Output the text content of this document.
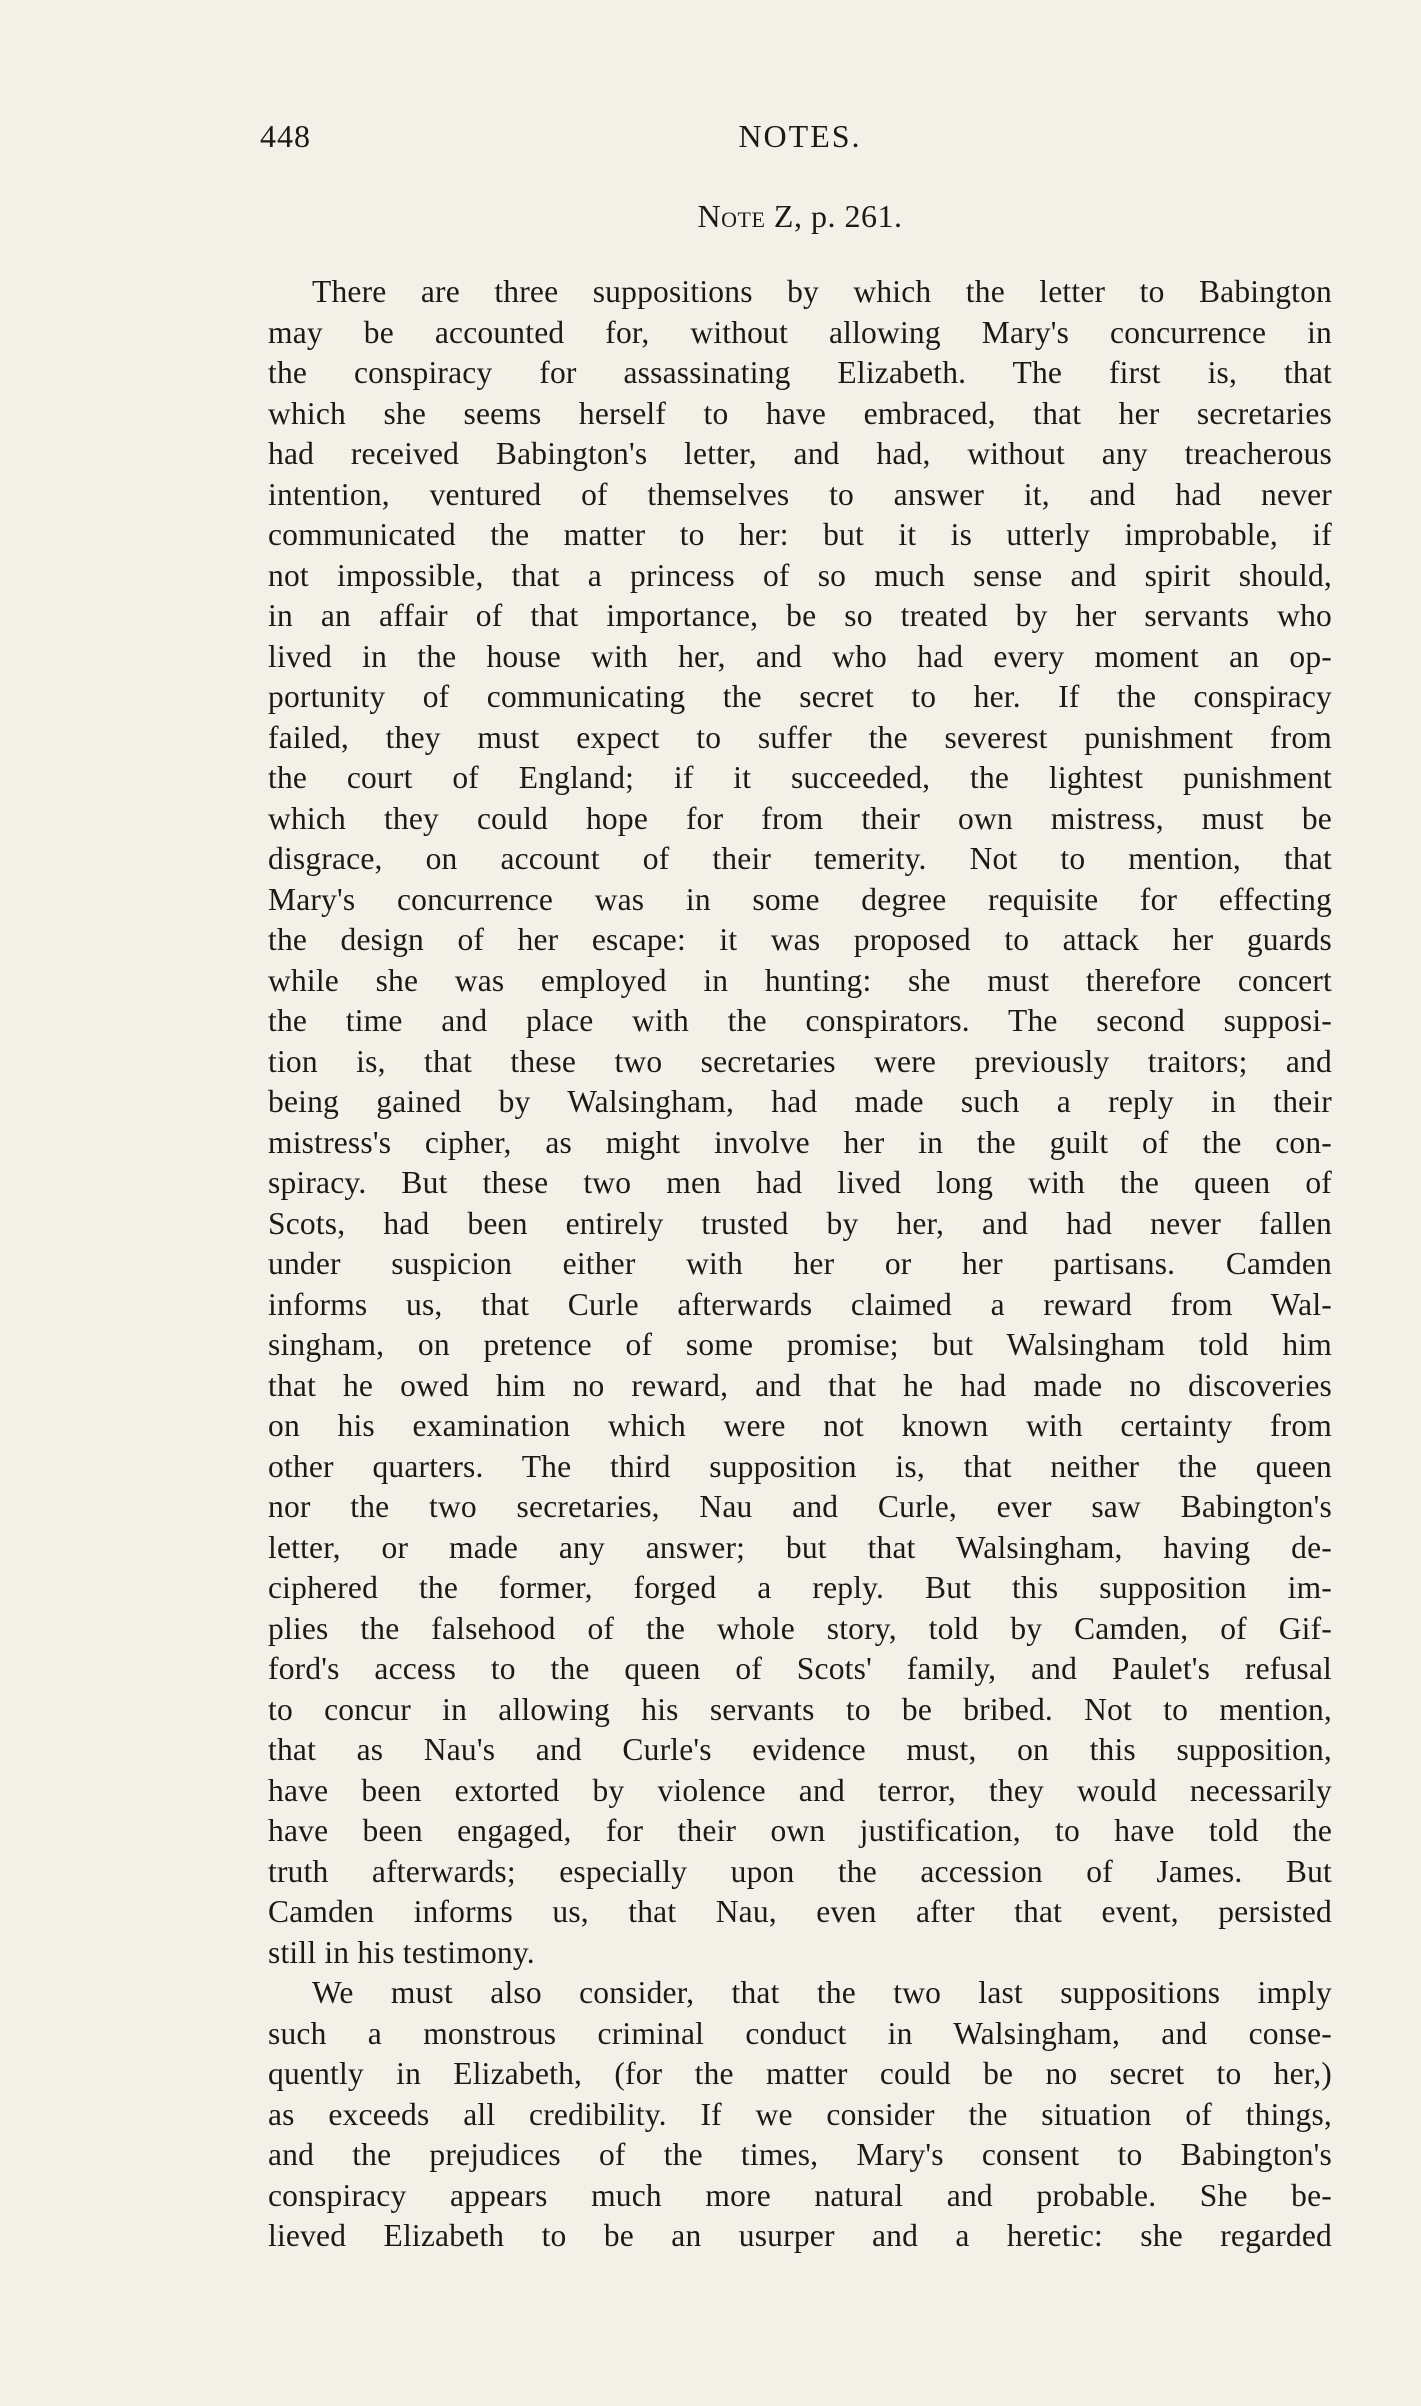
448	NOTES.
Note Z, p. 261.
There are three suppositions by which the letter to Babington
may be accounted for, without allowing Mary's concurrence in
the conspiracy for assassinating Elizabeth. The first is, that
which she seems herself to have embraced, that her secretaries
had received Babington's letter, and had, without any treacherous
intention, ventured of themselves to answer it, and had never
communicated the matter to her: but it is utterly improbable, if
not impossible, that a princess of so much sense and spirit should,
in an affair of that importance, be so treated by her servants who
lived in the house with her, and who had every moment an op-
portunity of communicating the secret to her. If the conspiracy
failed, they must expect to suffer the severest punishment from
the court of England; if it succeeded, the lightest punishment
which they could hope for from their own mistress, must be
disgrace, on account of their temerity. Not to mention, that
Mary's concurrence was in some degree requisite for effecting
the design of her escape: it was proposed to attack her guards
while she was employed in hunting: she must therefore concert
the time and place with the conspirators. The second supposi-
tion is, that these two secretaries were previously traitors; and
being gained by Walsingham, had made such a reply in their
mistress's cipher, as might involve her in the guilt of the con-
spiracy. But these two men had lived long with the queen of
Scots, had been entirely trusted by her, and had never fallen
under suspicion either with her or her partisans. Camden
informs us, that Curle afterwards claimed a reward from Wal-
singham, on pretence of some promise; but Walsingham told him
that he owed him no reward, and that he had made no discoveries
on his examination which were not known with certainty from
other quarters. The third supposition is, that neither the queen
nor the two secretaries, Nau and Curle, ever saw Babington's
letter, or made any answer; but that Walsingham, having de-
ciphered the former, forged a reply. But this supposition im-
plies the falsehood of the whole story, told by Camden, of Gif-
ford's access to the queen of Scots' family, and Paulet's refusal
to concur in allowing his servants to be bribed. Not to mention,
that as Nau's and Curle's evidence must, on this supposition,
have been extorted by violence and terror, they would necessarily
have been engaged, for their own justification, to have told the
truth afterwards; especially upon the accession of James. But
Camden informs us, that Nau, even after that event, persisted
still in his testimony.
We must also consider, that the two last suppositions imply
such a monstrous criminal conduct in Walsingham, and conse-
quently in Elizabeth, (for the matter could be no secret to her,)
as exceeds all credibility. If we consider the situation of things,
and the prejudices of the times, Mary's consent to Babington's
conspiracy appears much more natural and probable. She be-
lieved Elizabeth to be an usurper and a heretic: she regarded
